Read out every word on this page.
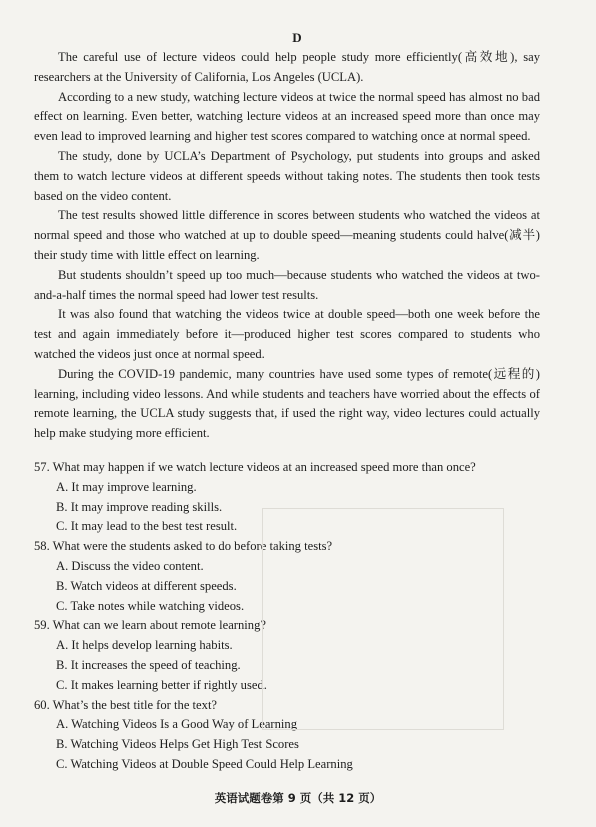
D

The careful use of lecture videos could help people study more efficiently(高效地), say researchers at the University of California, Los Angeles (UCLA).

According to a new study, watching lecture videos at twice the normal speed has almost no bad effect on learning. Even better, watching lecture videos at an increased speed more than once may even lead to improved learning and higher test scores compared to watching once at normal speed.

The study, done by UCLA’s Department of Psychology, put students into groups and asked them to watch lecture videos at different speeds without taking notes. The students then took tests based on the video content.

The test results showed little difference in scores between students who watched the videos at normal speed and those who watched at up to double speed—meaning students could halve(减半) their study time with little effect on learning.

But students shouldn’t speed up too much—because students who watched the videos at two-and-a-half times the normal speed had lower test results.

It was also found that watching the videos twice at double speed—both one week before the test and again immediately before it—produced higher test scores compared to students who watched the videos just once at normal speed.

During the COVID-19 pandemic, many countries have used some types of remote(远程的) learning, including video lessons. And while students and teachers have worried about the effects of remote learning, the UCLA study suggests that, if used the right way, video lectures could actually help make studying more efficient.

57. What may happen if we watch lecture videos at an increased speed more than once?

A. It may improve learning.

B. It may improve reading skills.

C. It may lead to the best test result.

58. What were the students asked to do before taking tests?

A. Discuss the video content.

B. Watch videos at different speeds.

C. Take notes while watching videos.

59. What can we learn about remote learning?

A. It helps develop learning habits.

B. It increases the speed of teaching.

C. It makes learning better if rightly used.

60. What’s the best title for the text?

A. Watching Videos Is a Good Way of Learning

B. Watching Videos Helps Get High Test Scores

C. Watching Videos at Double Speed Could Help Learning

英语试题卷第 9 页（共 12 页）
